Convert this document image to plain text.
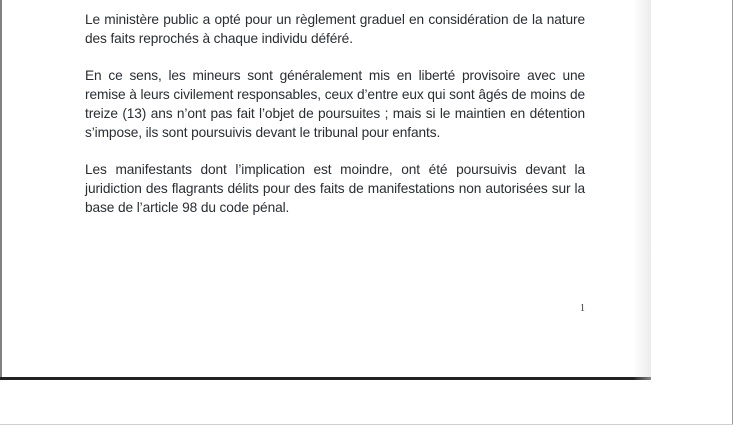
Le ministère public a opté pour un règlement graduel en considération de la nature des faits reprochés à chaque individu déféré.

En ce sens, les mineurs sont généralement mis en liberté provisoire avec une remise à leurs civilement responsables, ceux d’entre eux qui sont âgés de moins de treize (13) ans n’ont pas fait l’objet de poursuites ; mais si le maintien en détention s’impose, ils sont poursuivis devant le tribunal pour enfants.

Les manifestants dont l’implication est moindre, ont été poursuivis devant la juridiction des flagrants délits pour des faits de manifestations non autorisées sur la base de l’article 98 du code pénal.

1
